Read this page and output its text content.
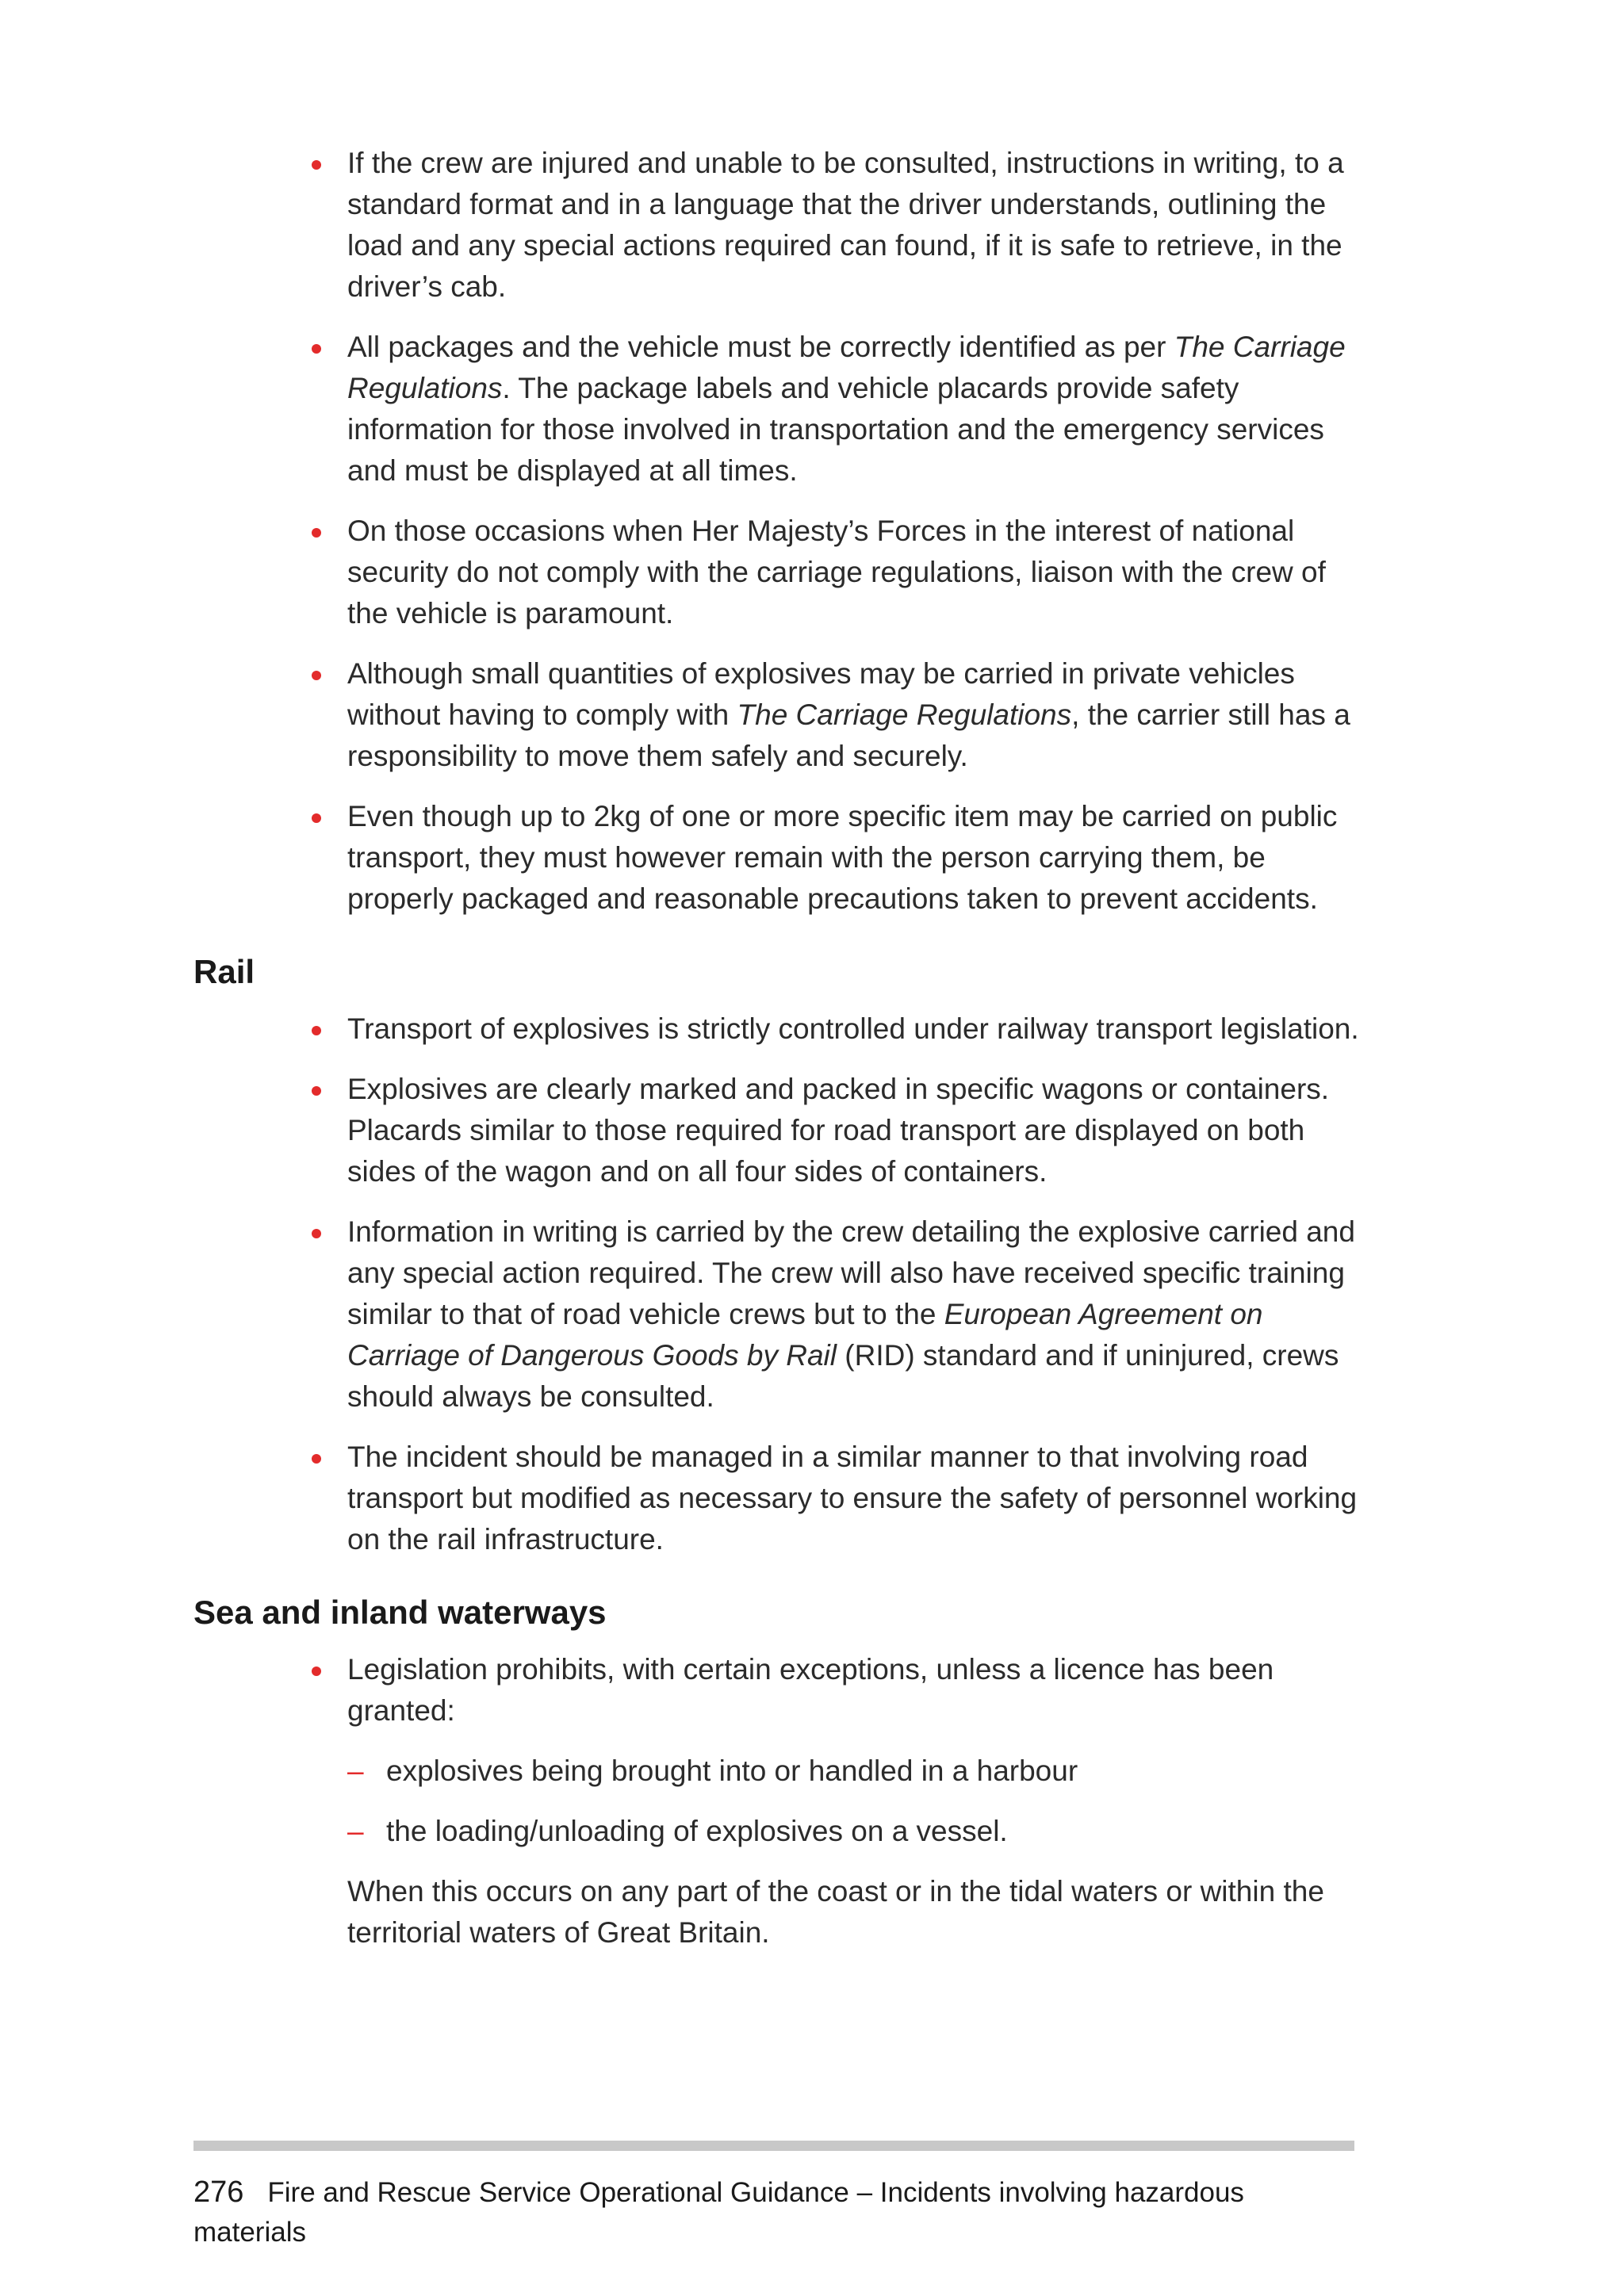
If the crew are injured and unable to be consulted, instructions in writing, to a standard format and in a language that the driver understands, outlining the load and any special actions required can found, if it is safe to retrieve, in the driver’s cab.
All packages and the vehicle must be correctly identified as per The Carriage Regulations. The package labels and vehicle placards provide safety information for those involved in transportation and the emergency services and must be displayed at all times.
On those occasions when Her Majesty’s Forces in the interest of national security do not comply with the carriage regulations, liaison with the crew of the vehicle is paramount.
Although small quantities of explosives may be carried in private vehicles without having to comply with The Carriage Regulations, the carrier still has a responsibility to move them safely and securely.
Even though up to 2kg of one or more specific item may be carried on public transport, they must however remain with the person carrying them, be properly packaged and reasonable precautions taken to prevent accidents.
Rail
Transport of explosives is strictly controlled under railway transport legislation.
Explosives are clearly marked and packed in specific wagons or containers. Placards similar to those required for road transport are displayed on both sides of the wagon and on all four sides of containers.
Information in writing is carried by the crew detailing the explosive carried and any special action required. The crew will also have received specific training similar to that of road vehicle crews but to the European Agreement on Carriage of Dangerous Goods by Rail (RID) standard and if uninjured, crews should always be consulted.
The incident should be managed in a similar manner to that involving road transport but modified as necessary to ensure the safety of personnel working on the rail infrastructure.
Sea and inland waterways
Legislation prohibits, with certain exceptions, unless a licence has been granted:
– explosives being brought into or handled in a harbour
– the loading/unloading of explosives on a vessel.

When this occurs on any part of the coast or in the tidal waters or within the territorial waters of Great Britain.

276 Fire and Rescue Service Operational Guidance – Incidents involving hazardous materials
